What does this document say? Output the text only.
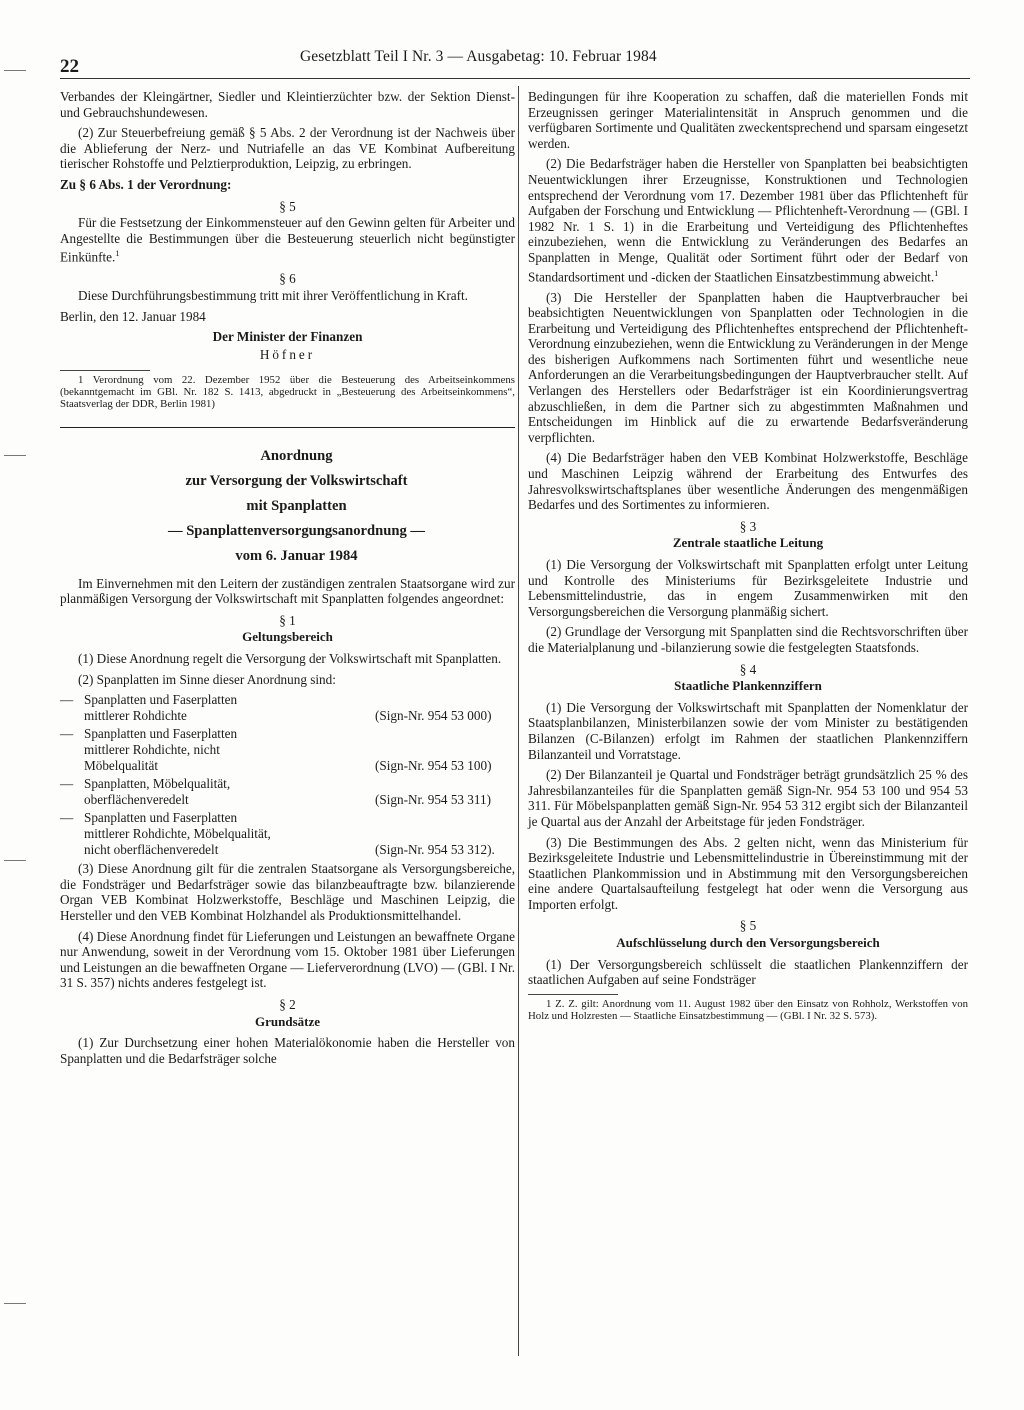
22	Gesetzblatt Teil I Nr. 3 — Ausgabetag: 10. Februar 1984

Verbandes der Kleingärtner, Siedler und Kleintierzüchter bzw. der Sektion Dienst- und Gebrauchshundewesen.

(2) Zur Steuerbefreiung gemäß § 5 Abs. 2 der Verordnung ist der Nachweis über die Ablieferung der Nerz- und Nutriafelle an das VE Kombinat Aufbereitung tierischer Rohstoffe und Pelztierproduktion, Leipzig, zu erbringen.

Zu § 6 Abs. 1 der Verordnung:

§ 5

Für die Festsetzung der Einkommensteuer auf den Gewinn gelten für Arbeiter und Angestellte die Bestimmungen über die Besteuerung steuerlich nicht begünstigter Einkünfte.$^1$

§ 6

Diese Durchführungsbestimmung tritt mit ihrer Veröffentlichung in Kraft.

Berlin, den 12. Januar 1984

Der Minister der Finanzen
Höfner

1 Verordnung vom 22. Dezember 1952 über die Besteuerung des Arbeitseinkommens (bekanntgemacht im GBl. Nr. 182 S. 1413, abgedruckt in „Besteuerung des Arbeitseinkommens“, Staatsverlag der DDR, Berlin 1981)

Anordnung

zur Versorgung der Volkswirtschaft

mit Spanplatten

— Spanplattenversorgungsanordnung —

vom 6. Januar 1984

Im Einvernehmen mit den Leitern der zuständigen zentralen Staatsorgane wird zur planmäßigen Versorgung der Volkswirtschaft mit Spanplatten folgendes angeordnet:

§ 1
Geltungsbereich

(1) Diese Anordnung regelt die Versorgung der Volkswirtschaft mit Spanplatten.

(2) Spanplatten im Sinne dieser Anordnung sind:

— Spanplatten und Faserplatten
mittlerer Rohdichte	(Sign-Nr. 954 53 000)
— Spanplatten und Faserplatten
mittlerer Rohdichte, nicht
Möbelqualität	(Sign-Nr. 954 53 100)
— Spanplatten, Möbelqualität,
oberflächenveredelt	(Sign-Nr. 954 53 311)
— Spanplatten und Faserplatten
mittlerer Rohdichte, Möbelqualität,
nicht oberflächenveredelt	(Sign-Nr. 954 53 312).

(3) Diese Anordnung gilt für die zentralen Staatsorgane als Versorgungsbereiche, die Fondsträger und Bedarfsträger sowie das bilanzbeauftragte bzw. bilanzierende Organ VEB Kombinat Holzwerkstoffe, Beschläge und Maschinen Leipzig, die Hersteller und den VEB Kombinat Holzhandel als Produktionsmittelhandel.

(4) Diese Anordnung findet für Lieferungen und Leistungen an bewaffnete Organe nur Anwendung, soweit in der Verordnung vom 15. Oktober 1981 über Lieferungen und Leistungen an die bewaffneten Organe — Lieferverordnung (LVO) — (GBl. I Nr. 31 S. 357) nichts anderes festgelegt ist.

§ 2
Grundsätze

(1) Zur Durchsetzung einer hohen Materialökonomie haben die Hersteller von Spanplatten und die Bedarfsträger solche

Bedingungen für ihre Kooperation zu schaffen, daß die materiellen Fonds mit Erzeugnissen geringer Materialintensität in Anspruch genommen und die verfügbaren Sortimente und Qualitäten zweckentsprechend und sparsam eingesetzt werden.

(2) Die Bedarfsträger haben die Hersteller von Spanplatten bei beabsichtigten Neuentwicklungen ihrer Erzeugnisse, Konstruktionen und Technologien entsprechend der Verordnung vom 17. Dezember 1981 über das Pflichtenheft für Aufgaben der Forschung und Entwicklung — Pflichtenheft-Verordnung — (GBl. I 1982 Nr. 1 S. 1) in die Erarbeitung und Verteidigung des Pflichtenheftes einzubeziehen, wenn die Entwicklung zu Veränderungen des Bedarfes an Spanplatten in Menge, Qualität oder Sortiment führt oder der Bedarf von Standardsortiment und -dicken der Staatlichen Einsatzbestimmung abweicht.$^1$

(3) Die Hersteller der Spanplatten haben die Hauptverbraucher bei beabsichtigten Neuentwicklungen von Spanplatten oder Technologien in die Erarbeitung und Verteidigung des Pflichtenheftes entsprechend der Pflichtenheft-Verordnung einzubeziehen, wenn die Entwicklung zu Veränderungen in der Menge des bisherigen Aufkommens nach Sortimenten führt und wesentliche neue Anforderungen an die Verarbeitungsbedingungen der Hauptverbraucher stellt. Auf Verlangen des Herstellers oder Bedarfsträger ist ein Koordinierungsvertrag abzuschließen, in dem die Partner sich zu abgestimmten Maßnahmen und Entscheidungen im Hinblick auf die zu erwartende Bedarfsveränderung verpflichten.

(4) Die Bedarfsträger haben den VEB Kombinat Holzwerkstoffe, Beschläge und Maschinen Leipzig während der Erarbeitung des Entwurfes des Jahresvolkswirtschaftsplanes über wesentliche Änderungen des mengenmäßigen Bedarfes und des Sortimentes zu informieren.

§ 3
Zentrale staatliche Leitung

(1) Die Versorgung der Volkswirtschaft mit Spanplatten erfolgt unter Leitung und Kontrolle des Ministeriums für Bezirksgeleitete Industrie und Lebensmittelindustrie, das in engem Zusammenwirken mit den Versorgungsbereichen die Versorgung planmäßig sichert.

(2) Grundlage der Versorgung mit Spanplatten sind die Rechtsvorschriften über die Materialplanung und -bilanzierung sowie die festgelegten Staatsfonds.

§ 4
Staatliche Plankennziffern

(1) Die Versorgung der Volkswirtschaft mit Spanplatten der Nomenklatur der Staatsplanbilanzen, Ministerbilanzen sowie der vom Minister zu bestätigenden Bilanzen (C-Bilanzen) erfolgt im Rahmen der staatlichen Plankennziffern Bilanzanteil und Vorratstage.

(2) Der Bilanzanteil je Quartal und Fondsträger beträgt grundsätzlich 25 % des Jahresbilanzanteiles für die Spanplatten gemäß Sign-Nr. 954 53 100 und 954 53 311. Für Möbelspanplatten gemäß Sign-Nr. 954 53 312 ergibt sich der Bilanzanteil je Quartal aus der Anzahl der Arbeitstage für jeden Fondsträger.

(3) Die Bestimmungen des Abs. 2 gelten nicht, wenn das Ministerium für Bezirksgeleitete Industrie und Lebensmittelindustrie in Übereinstimmung mit der Staatlichen Plankommission und in Abstimmung mit den Versorgungsbereichen eine andere Quartalsaufteilung festgelegt hat oder wenn die Versorgung aus Importen erfolgt.

§ 5
Aufschlüsselung durch den Versorgungsbereich

(1) Der Versorgungsbereich schlüsselt die staatlichen Plankennziffern der staatlichen Aufgaben auf seine Fondsträger

1 Z. Z. gilt: Anordnung vom 11. August 1982 über den Einsatz von Rohholz, Werkstoffen von Holz und Holzresten — Staatliche Einsatzbestimmung — (GBl. I Nr. 32 S. 573).
